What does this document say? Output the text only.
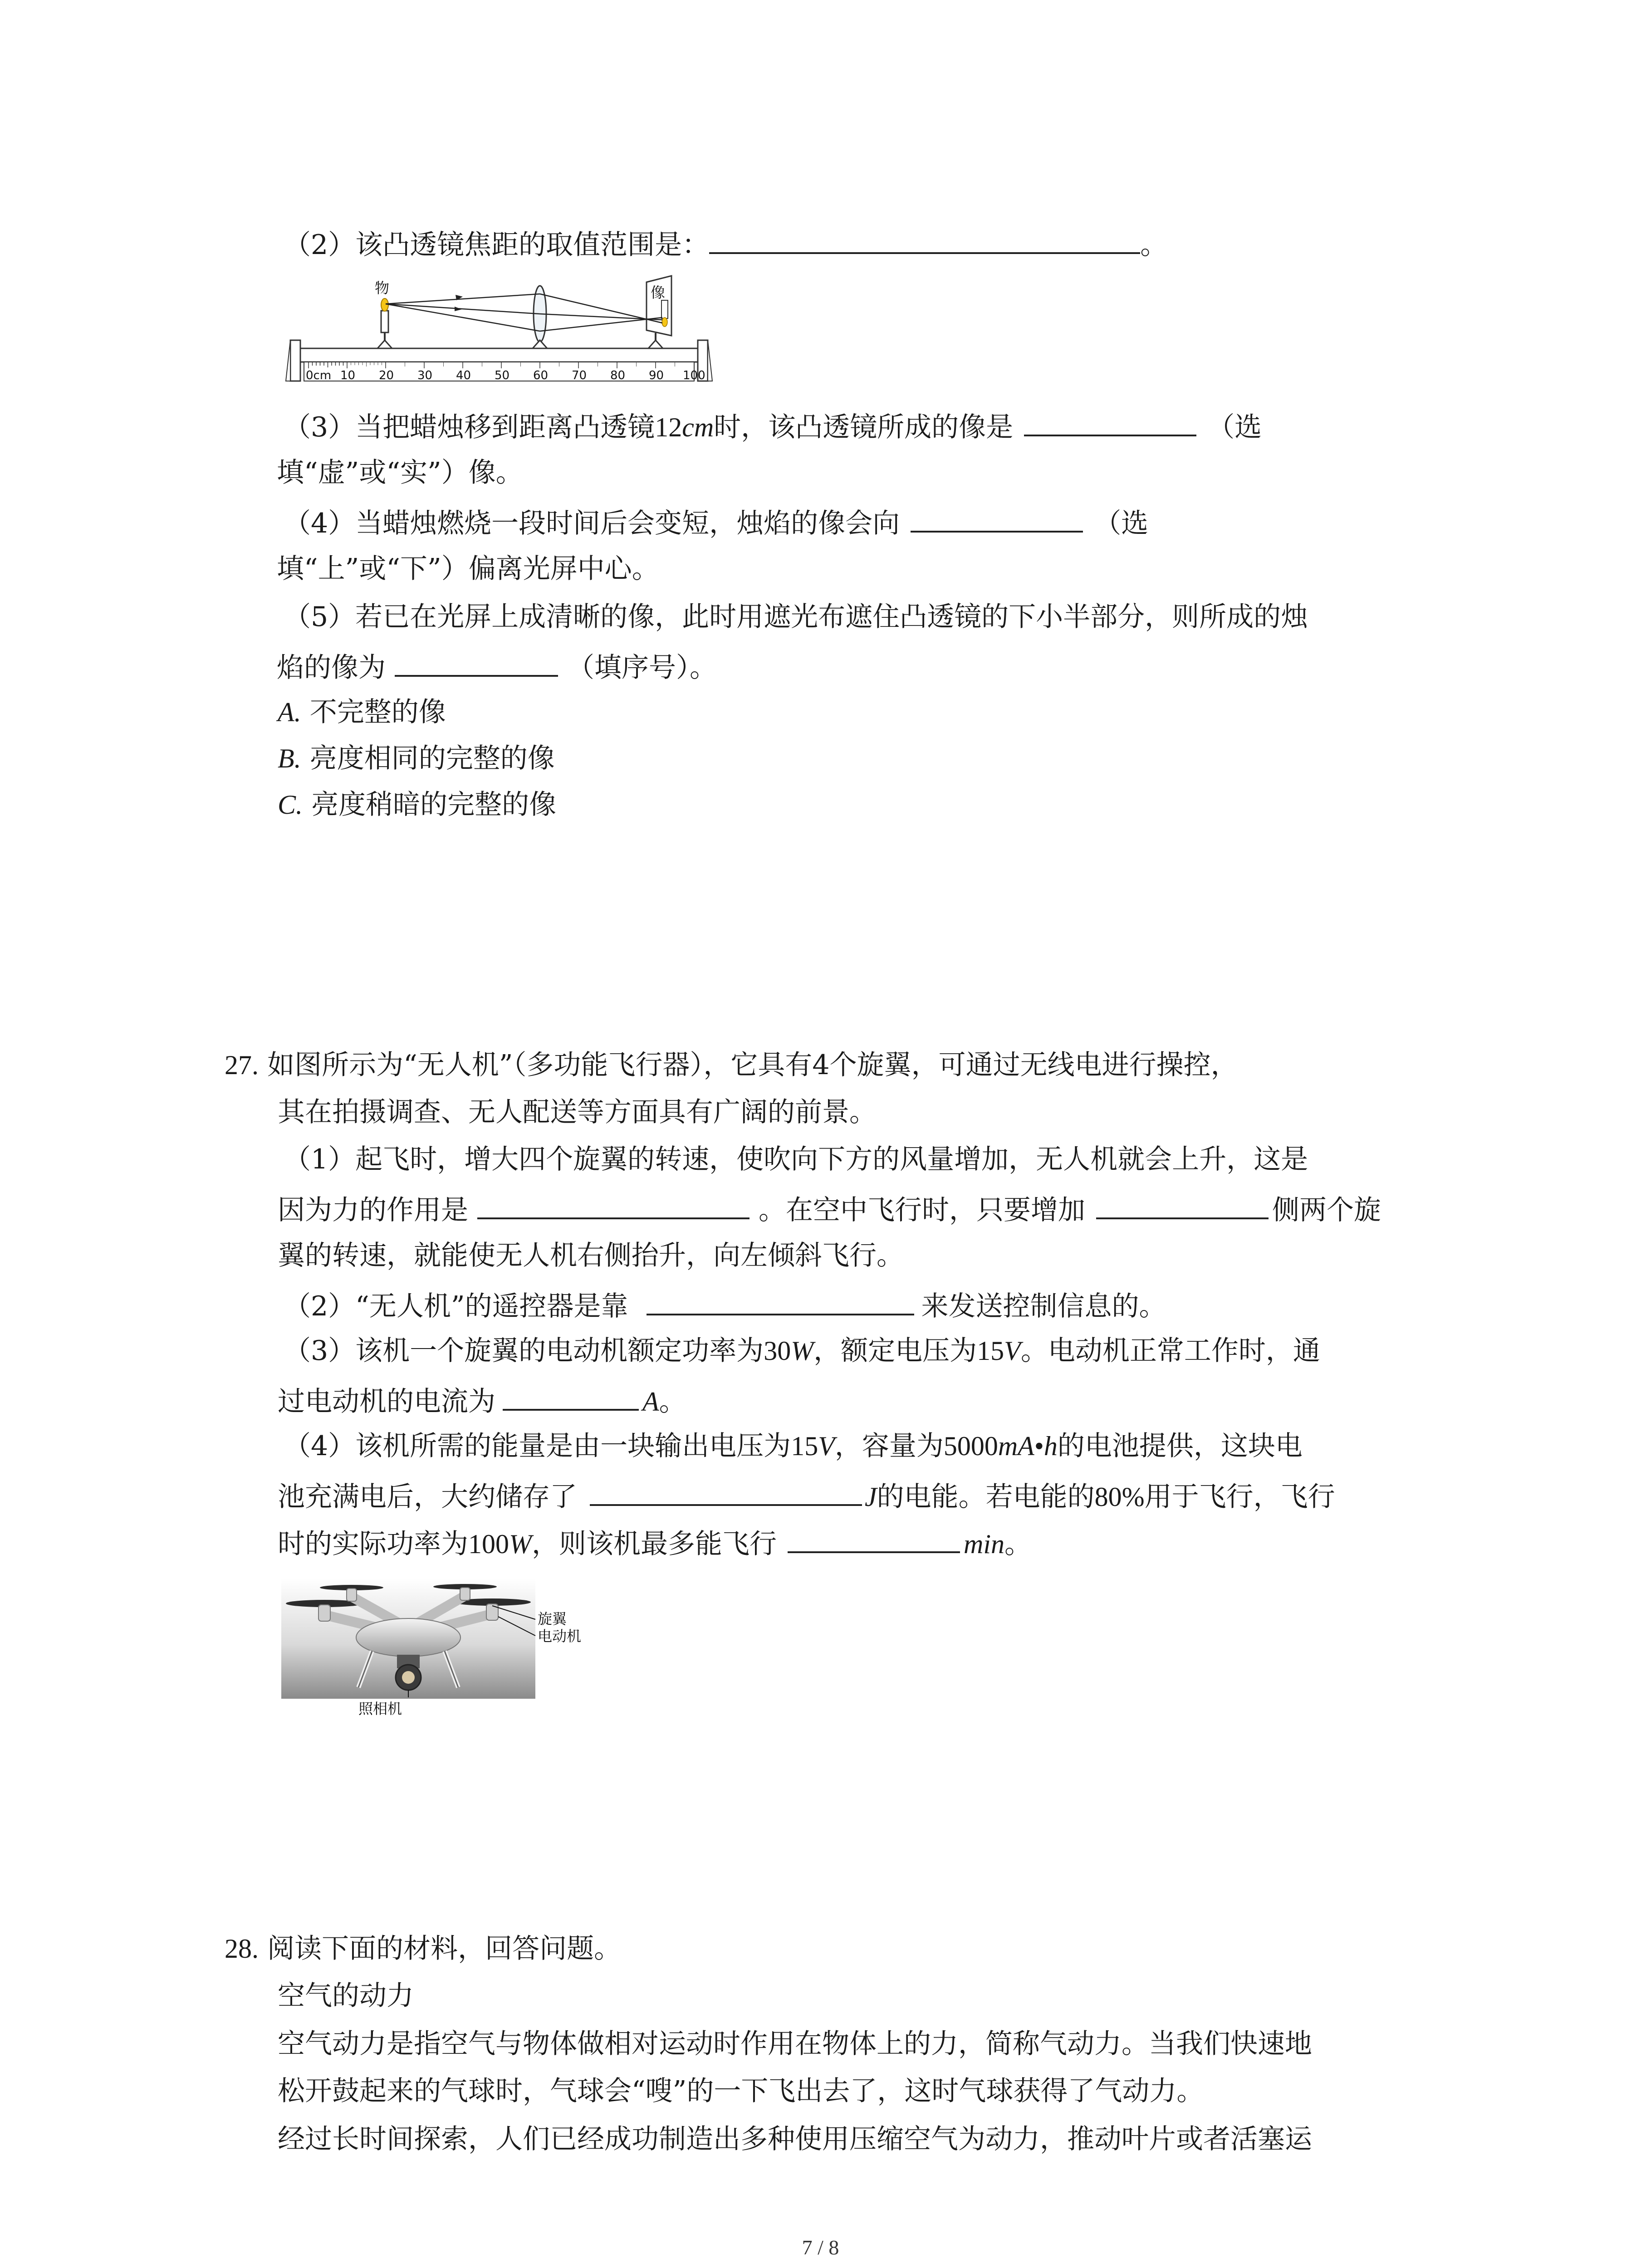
（2）该凸透镜焦距的取值范围是：	。
0cm 10 20 30 40 50 60 70 80 90 100
物	像
（3）当把蜡烛移到距离凸透镜12cm时，该凸透镜所成的像是	（选
填“虚”或“实”）像。
（4）当蜡烛燃烧一段时间后会变短，烛焰的像会向	（选
填“上”或“下”）偏离光屏中心。
（5）若已在光屏上成清晰的像，此时用遮光布遮住凸透镜的下小半部分，则所成的烛
焰的像为	（填序号）。
A. 不完整的像
B. 亮度相同的完整的像
C. 亮度稍暗的完整的像
27. 如图所示为“无人机”（多功能飞行器），它具有4个旋翼，可通过无线电进行操控，
其在拍摄调查、无人配送等方面具有广阔的前景。
（1）起飞时，增大四个旋翼的转速，使吹向下方的风量增加，无人机就会上升，这是
因为力的作用是	。在空中飞行时，只要增加	侧两个旋
翼的转速，就能使无人机右侧抬升，向左倾斜飞行。
（2）“无人机”的遥控器是靠	来发送控制信息的。
（3）该机一个旋翼的电动机额定功率为30W，额定电压为15V。电动机正常工作时，通
过电动机的电流为	A。
（4）该机所需的能量是由一块输出电压为15V，容量为5000mA•h的电池提供，这块电
池充满电后，大约储存了	J的电能。若电能的80%用于飞行，飞行
时的实际功率为100W，则该机最多能飞行	min。
旋翼
电动机
照相机
28. 阅读下面的材料，回答问题。
空气的动力
空气动力是指空气与物体做相对运动时作用在物体上的力，简称气动力。当我们快速地
松开鼓起来的气球时，气球会“嗖”的一下飞出去了，这时气球获得了气动力。
经过长时间探索，人们已经成功制造出多种使用压缩空气为动力，推动叶片或者活塞运
7 / 8
